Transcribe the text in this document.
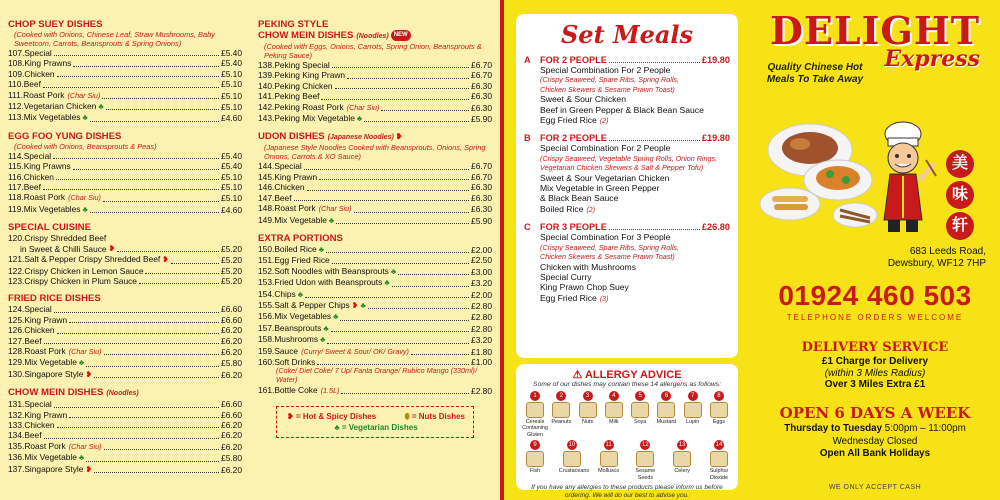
CHOP SUEY DISHES
(Cooked with Onions, Chinese Leaf, Straw Mushrooms, Baby Sweetcorn, Carrots, Beansprouts & Spring Onions)
107.Special	£5.40
108.King Prawns	£5.40
109.Chicken	£5.10
110.Beef	£5.10
111.Roast Pork (Char Siu)	£5.10
112.Vegetarian Chicken ♣	£5.10
113.Mix Vegetables ♣	£4.60
EGG FOO YUNG DISHES
(Cooked with Onions, Beansprouts & Peas)
114.Special	£5.40
115.King Prawns	£5.40
116.Chicken	£5.10
117.Beef	£5.10
118.Roast Pork (Char Siu)	£5.10
119.Mix Vegetables ♣	£4.60
SPECIAL CUISINE
120.Crispy Shredded Beef
in Sweet & Chilli Sauce ❥	£5.20
121.Salt & Pepper Crispy Shredded Beef ❥	£5.20
122.Crispy Chicken in Lemon Sauce	£5.20
123.Crispy Chicken in Plum Sauce	£5.20
FRIED RICE DISHES
124.Special	£6.60
125.King Prawn	£6.60
126.Chicken	£6.20
127.Beef	£6.20
128.Roast Pork (Char Siu)	£6.20
129.Mix Vegetable ♣	£5.80
130.Singapore Style ❥	£6.20
CHOW MEIN DISHES (Noodles)
131.Special	£6.60
132.King Prawn	£6.60
133.Chicken	£6.20
134.Beef	£6.20
135.Roast Pork (Char Siu)	£6.20
136.Mix Vegetable ♣	£5.80
137.Singapore Style ❥	£6.20
PEKING STYLE
CHOW MEIN DISHES (Noodles) NEW
(Cooked with Eggs, Onions, Carrots, Spring Onion, Beansprouts & Peking Sauce)
138.Peking Special	£6.70
139.Peking King Prawn	£6.70
140.Peking Chicken	£6.30
141.Peking Beef	£6.30
142.Peking Roast Pork (Char Siu)	£6.30
143.Peking Mix Vegetable ♣	£5.90
UDON DISHES (Japanese Noodles) ❥
(Japanese Style Noodles Cooked with Beansprouts, Onions, Spring Onions, Carrots & XO Sauce)
144.Special	£6.70
145.King Prawn	£6.70
146.Chicken	£6.30
147.Beef	£6.30
148.Roast Pork (Char Siu)	£6.30
149.Mix Vegetable ♣	£5.90
EXTRA PORTIONS
150.Boiled Rice ♣	£2.00
151.Egg Fried Rice	£2.50
152.Soft Noodles with Beansprouts ♣	£3.00
153.Fried Udon with Beansprouts ♣	£3.20
154.Chips ♣	£2.00
155.Salt & Pepper Chips ❥ ♣	£2.80
156.Mix Vegetables ♣	£2.80
157.Beansprouts ♣	£2.80
158.Mushrooms ♣	£3.20
159.Sauce (Curry/ Sweet & Sour/ OK/ Gravy)	£1.80
160.Soft Drinks	£1.00
(Coke/ Diet Coke/ 7 Up/ Fanta Orange/ Rubico Mango (330ml)/ Water)
161.Bottle Coke (1.5L)	£2.80
❥ = Hot & Spicy Dishes	⬮ = Nuts Dishes
♣ = Vegetarian Dishes
Set Meals
A	FOR 2 PEOPLE	£19.80
Special Combination For 2 People
(Crispy Seaweed, Spare Ribs, Spring Rolls,
Chicken Skewers & Sesame Prawn Toast)
Sweet & Sour Chicken
Beef in Green Pepper & Black Bean Sauce
Egg Fried Rice (2)
B	FOR 2 PEOPLE	£19.80
Special Combination For 2 People
(Crispy Seaweed, Vegetable Spring Rolls, Onion Rings,
Vegetarian Chicken Skewers & Salt & Pepper Tofu)
Sweet & Sour Vegetarian Chicken
Mix Vegetable in Green Pepper
& Black Bean Sauce
Boiled Rice (2)
C	FOR 3 PEOPLE	£26.80
Special Combination For 3 People
(Crispy Seaweed, Spare Ribs, Spring Rolls,
Chicken Skewers & Sesame Prawn Toast)
Chicken with Mushrooms
Special Curry
King Prawn Chop Suey
Egg Fried Rice (3)
⚠ ALLERGY ADVICE
Some of our dishes may contain these 14 allergens as follows:
1
Cereals Containing Gluten
2
Peanuts
3
Nuts
4
Milk
5
Soya
6
Mustard
7
Lupin
8
Eggs
9
Fish
10
Crustaceans
11
Molluscs
12
Sesame Seeds
13
Celery
14
Sulphur Dioxide
If you have any allergies to these products please inform us before ordering. We will do our best to advise you.
DELIGHT
Express
Quality Chinese Hot Meals To Take Away
美
味
轩
683 Leeds Road,
Dewsbury, WF12 7HP
01924 460 503
TELEPHONE ORDERS WELCOME
DELIVERY SERVICE
£1 Charge for Delivery
(within 3 Miles Radius)
Over 3 Miles Extra £1
OPEN 6 DAYS A WEEK
Thursday to Tuesday 5:00pm – 11:00pm
Wednesday Closed
Open All Bank Holidays
WE ONLY ACCEPT CASH
